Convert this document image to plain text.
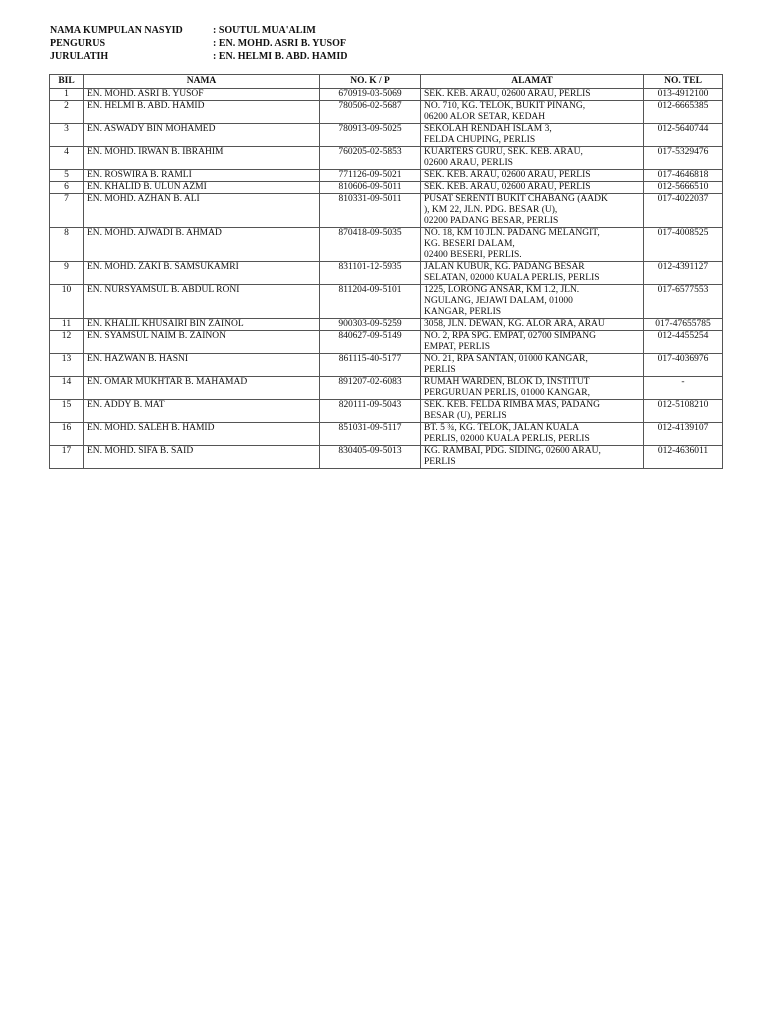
NAMA KUMPULAN NASYID	: SOUTUL MUA'ALIM
PENGURUS	: EN. MOHD. ASRI B. YUSOF
JURULATIH	: EN. HELMI B. ABD. HAMID
BIL	NAMA	NO. K / P	ALAMAT	NO. TEL
1	EN. MOHD. ASRI B. YUSOF	670919-03-5069	SEK. KEB. ARAU, 02600 ARAU, PERLIS	013-4912100
2	EN. HELMI B. ABD. HAMID	780506-02-5687	NO. 710, KG. TELOK, BUKIT PINANG,
06200 ALOR SETAR, KEDAH	012-6665385
3	EN. ASWADY BIN MOHAMED	780913-09-5025	SEKOLAH RENDAH ISLAM 3,
FELDA CHUPING, PERLIS	012-5640744
4	EN. MOHD. IRWAN B. IBRAHIM	760205-02-5853	KUARTERS GURU, SEK. KEB. ARAU,
02600 ARAU, PERLIS	017-5329476
5	EN. ROSWIRA B. RAMLI	771126-09-5021	SEK. KEB. ARAU, 02600 ARAU, PERLIS	017-4646818
6	EN. KHALID B. ULUN AZMI	810606-09-5011	SEK. KEB. ARAU, 02600 ARAU, PERLIS	012-5666510
7	EN. MOHD. AZHAN B. ALI	810331-09-5011	PUSAT SERENTI BUKIT CHABANG (AADK
), KM 22, JLN. PDG. BESAR (U),
02200 PADANG BESAR, PERLIS	017-4022037
8	EN. MOHD. AJWADI B. AHMAD	870418-09-5035	NO. 18, KM 10 JLN. PADANG MELANGIT,
KG. BESERI DALAM,
02400 BESERI, PERLIS.	017-4008525
9	EN. MOHD. ZAKI B. SAMSUKAMRI	831101-12-5935	JALAN KUBUR, KG. PADANG BESAR
SELATAN, 02000 KUALA PERLIS, PERLIS	012-4391127
10	EN. NURSYAMSUL B. ABDUL RONI	811204-09-5101	1225, LORONG ANSAR, KM 1.2, JLN.
NGULANG, JEJAWI DALAM, 01000
KANGAR, PERLIS	017-6577553
11	EN. KHALIL KHUSAIRI BIN ZAINOL	900303-09-5259	3058, JLN. DEWAN, KG. ALOR ARA, ARAU	017-47655785
12	EN. SYAMSUL NAIM B. ZAINON	840627-09-5149	NO. 2, RPA SPG. EMPAT, 02700 SIMPANG
EMPAT, PERLIS	012-4455254
13	EN. HAZWAN B. HASNI	861115-40-5177	NO. 21, RPA SANTAN, 01000 KANGAR,
PERLIS	017-4036976
14	EN. OMAR MUKHTAR B. MAHAMAD	891207-02-6083	RUMAH WARDEN, BLOK D, INSTITUT
PERGURUAN PERLIS, 01000 KANGAR,	-
15	EN. ADDY B. MAT	820111-09-5043	SEK. KEB. FELDA RIMBA MAS, PADANG
BESAR (U), PERLIS	012-5108210
16	EN. MOHD. SALEH B. HAMID	851031-09-5117	BT. 5 ¾, KG. TELOK, JALAN KUALA
PERLIS, 02000 KUALA PERLIS, PERLIS	012-4139107
17	EN. MOHD. SIFA B. SAID	830405-09-5013	KG. RAMBAI, PDG. SIDING, 02600 ARAU,
PERLIS	012-4636011
